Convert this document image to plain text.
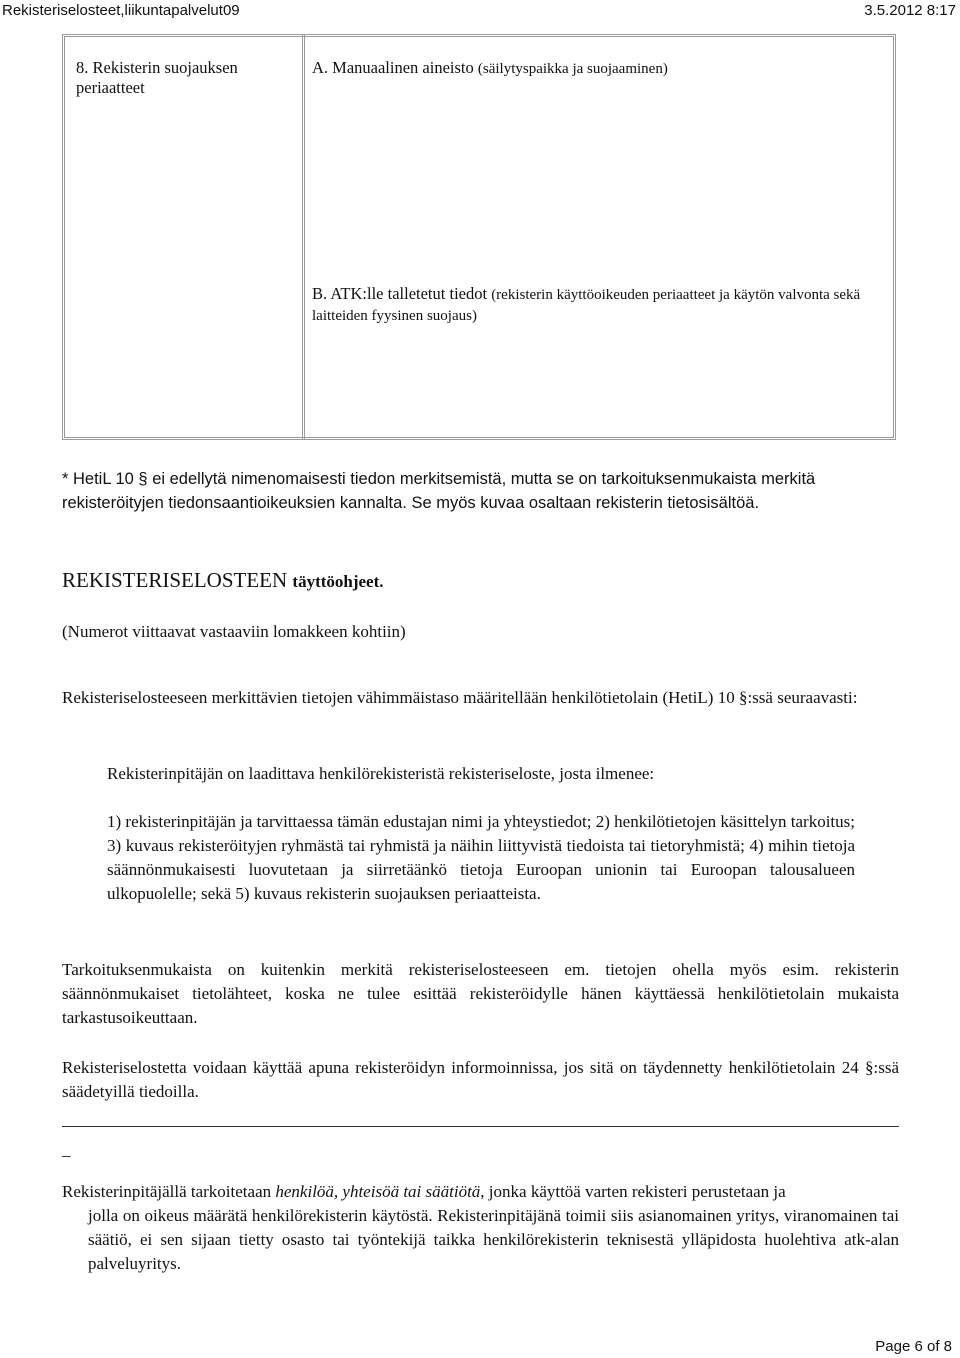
Rekisteriselosteet,liikuntapalvelut09	3.5.2012 8:17
8. Rekisterin suojauksen periaatteet
A. Manuaalinen aineisto (säilytyspaikka ja suojaaminen)
B. ATK:lle talletetut tiedot (rekisterin käyttöoikeuden periaatteet ja käytön valvonta sekä laitteiden fyysinen suojaus)
* HetiL 10 § ei edellytä nimenomaisesti tiedon merkitsemistä, mutta se on tarkoituksenmukaista merkitä rekisteröityjen tiedonsaantioikeuksien kannalta. Se myös kuvaa osaltaan rekisterin tietosisältöä.
REKISTERISELOSTEEN täyttöohjeet.
(Numerot viittaavat vastaaviin lomakkeen kohtiin)
Rekisteriselosteeseen merkittävien tietojen vähimmäistaso määritellään henkilötietolain (HetiL) 10 §:ssä seuraavasti:
Rekisterinpitäjän on laadittava henkilörekisteristä rekisteriseloste, josta ilmenee:
1) rekisterinpitäjän ja tarvittaessa tämän edustajan nimi ja yhteystiedot; 2) henkilötietojen käsittelyn tarkoitus; 3) kuvaus rekisteröityjen ryhmästä tai ryhmistä ja näihin liittyvistä tiedoista tai tietoryhmistä; 4) mihin tietoja säännönmukaisesti luovutetaan ja siirretäänkö tietoja Euroopan unionin tai Euroopan talousalueen ulkopuolelle; sekä 5) kuvaus rekisterin suojauksen periaatteista.
Tarkoituksenmukaista on kuitenkin merkitä rekisteriselosteeseen em. tietojen ohella myös esim. rekisterin säännönmukaiset tietolähteet, koska ne tulee esittää rekisteröidylle hänen käyttäessä henkilötietolain mukaista tarkastusoikeuttaan.
Rekisteriselostetta voidaan käyttää apuna rekisteröidyn informoinnissa, jos sitä on täydennetty henkilötietolain 24 §:ssä säädetyillä tiedoilla.
_
Rekisterinpitäjällä tarkoitetaan henkilöä, yhteisöä tai säätiötä, jonka käyttöä varten rekisteri perustetaan ja
jolla on oikeus määrätä henkilörekisterin käytöstä. Rekisterinpitäjänä toimii siis asianomainen yritys, viranomainen tai säätiö, ei sen sijaan tietty osasto tai työntekijä taikka henkilörekisterin teknisestä ylläpidosta huolehtiva atk-alan palveluyritys.
Page 6 of 8
